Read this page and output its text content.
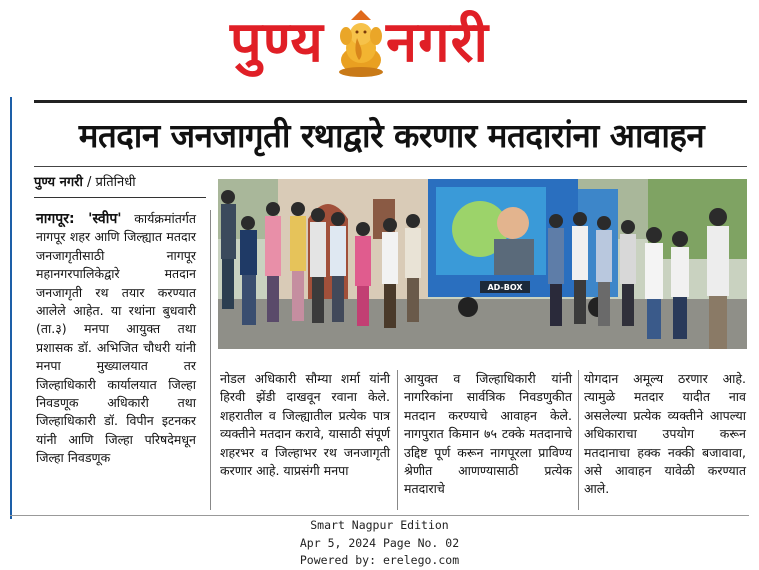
पुण्य नगरी
मतदान जनजागृती रथाद्वारे करणार मतदारांना आवाहन
पुण्य नगरी / प्रतिनिधी
AD-BOX
नागपूर: 'स्वीप' कार्यक्रमांतर्गत नागपूर शहर आणि जिल्ह्यात मतदार जनजागृतीसाठी नागपूर महानगरपालिकेद्वारे मतदान जनजागृती रथ तयार करण्यात आलेले आहेत. या रथांना बुधवारी (ता.३) मनपा आयुक्त तथा प्रशासक डॉ. अभिजित चौधरी यांनी मनपा मुख्यालयात तर जिल्हाधिकारी कार्यालयात जिल्हा निवडणूक अधिकारी तथा जिल्हाधिकारी डॉ. विपीन इटनकर यांनी आणि जिल्हा परिषदेमधून जिल्हा निवडणूक
नोडल अधिकारी सौम्या शर्मा यांनी हिरवी झेंडी दाखवून रवाना केले. शहरातील व जिल्ह्यातील प्रत्येक पात्र व्यक्तीने मतदान करावे, यासाठी संपूर्ण शहरभर व जिल्हाभर रथ जनजागृती करणार आहे. याप्रसंगी मनपा
आयुक्त व जिल्हाधिकारी यांनी नागरिकांना सार्वत्रिक निवडणुकीत मतदान करण्याचे आवाहन केले. नागपुरात किमान ७५ टक्के मतदानाचे उद्दिष्ट पूर्ण करून नागपूरला प्राविण्य श्रेणीत आणण्यासाठी प्रत्येक मतदाराचे
योगदान अमूल्य ठरणार आहे. त्यामुळे मतदार यादीत नाव असलेल्या प्रत्येक व्यक्तीने आपल्या अधिकाराचा उपयोग करून मतदानाचा हक्क नक्की बजावावा, असे आवाहन यावेळी करण्यात आले.
Smart Nagpur Edition
Apr 5, 2024 Page No. 02
Powered by: erelego.com
